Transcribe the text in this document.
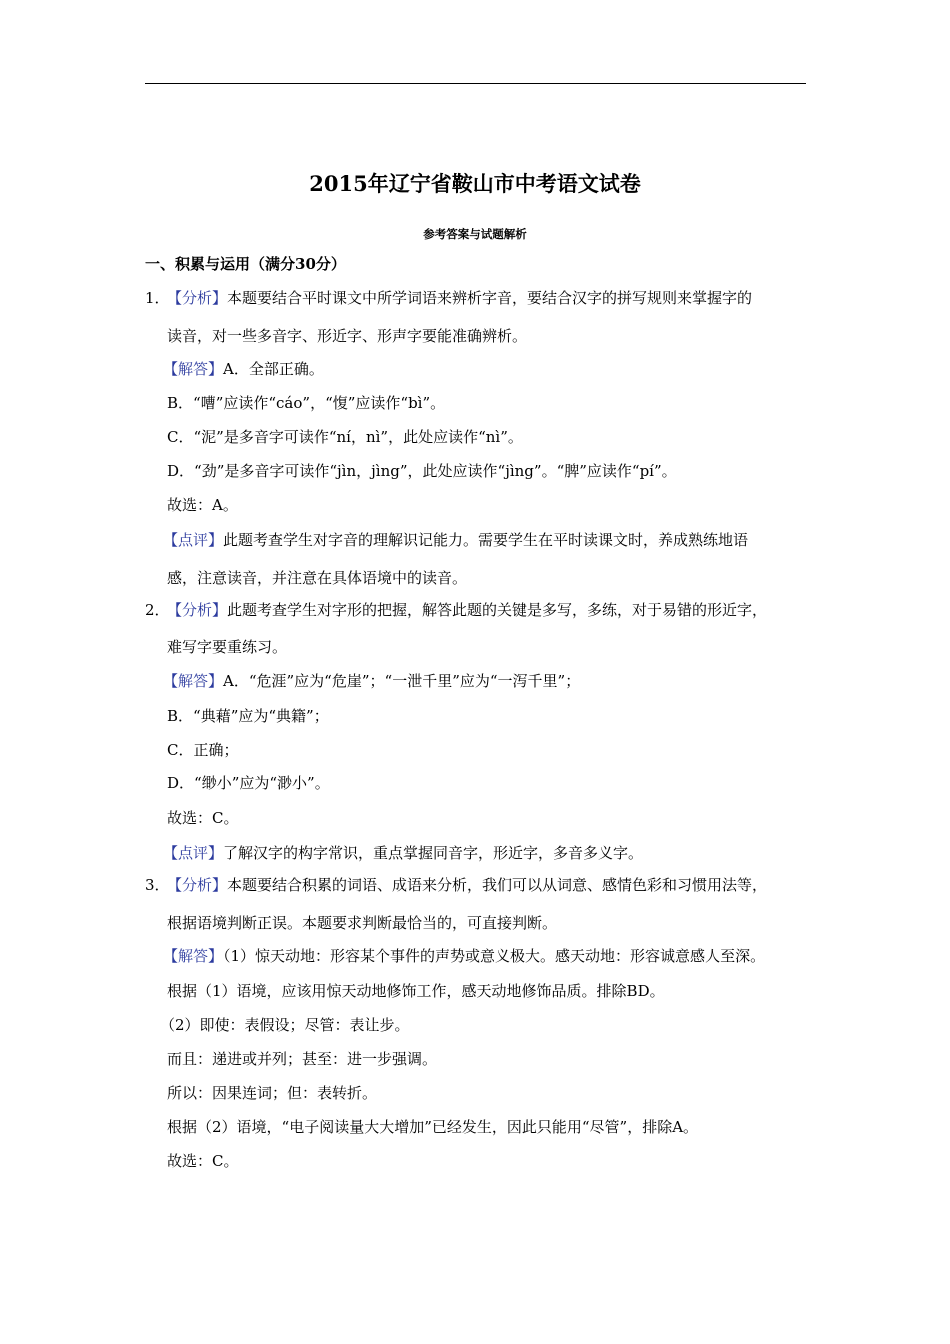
2015年辽宁省鞍山市中考语文试卷
参考答案与试题解析
一、积累与运用（满分30分）
1．【分析】本题要结合平时课文中所学词语来辨析字音，要结合汉字的拼写规则来掌握字的
读音，对一些多音字、形近字、形声字要能准确辨析。
【解答】A．全部正确。
B．“嘈”应读作“cáo”，“愎”应读作“bì”。
C．“泥”是多音字可读作“ní，nì”，此处应读作“nì”。
D．“劲”是多音字可读作“jìn，jìng”，此处应读作“jìng”。“脾”应读作“pí”。
故选：A。
【点评】此题考查学生对字音的理解识记能力。需要学生在平时读课文时，养成熟练地语
感，注意读音，并注意在具体语境中的读音。
2．【分析】此题考查学生对字形的把握，解答此题的关键是多写，多练，对于易错的形近字，
难写字要重练习。
【解答】A．“危涯”应为“危崖”；“一泄千里”应为“一泻千里”；
B．“典藉”应为“典籍”；
C．正确；
D．“缈小”应为“渺小”。
故选：C。
【点评】了解汉字的构字常识，重点掌握同音字，形近字，多音多义字。
3．【分析】本题要结合积累的词语、成语来分析，我们可以从词意、感情色彩和习惯用法等，
根据语境判断正误。本题要求判断最恰当的，可直接判断。
【解答】（1）惊天动地：形容某个事件的声势或意义极大。感天动地：形容诚意感人至深。
根据（1）语境，应该用惊天动地修饰工作，感天动地修饰品质。排除BD。
（2）即使：表假设；尽管：表让步。
而且：递进或并列；甚至：进一步强调。
所以：因果连词；但：表转折。
根据（2）语境，“电子阅读量大大增加”已经发生，因此只能用“尽管”，排除A。
故选：C。
